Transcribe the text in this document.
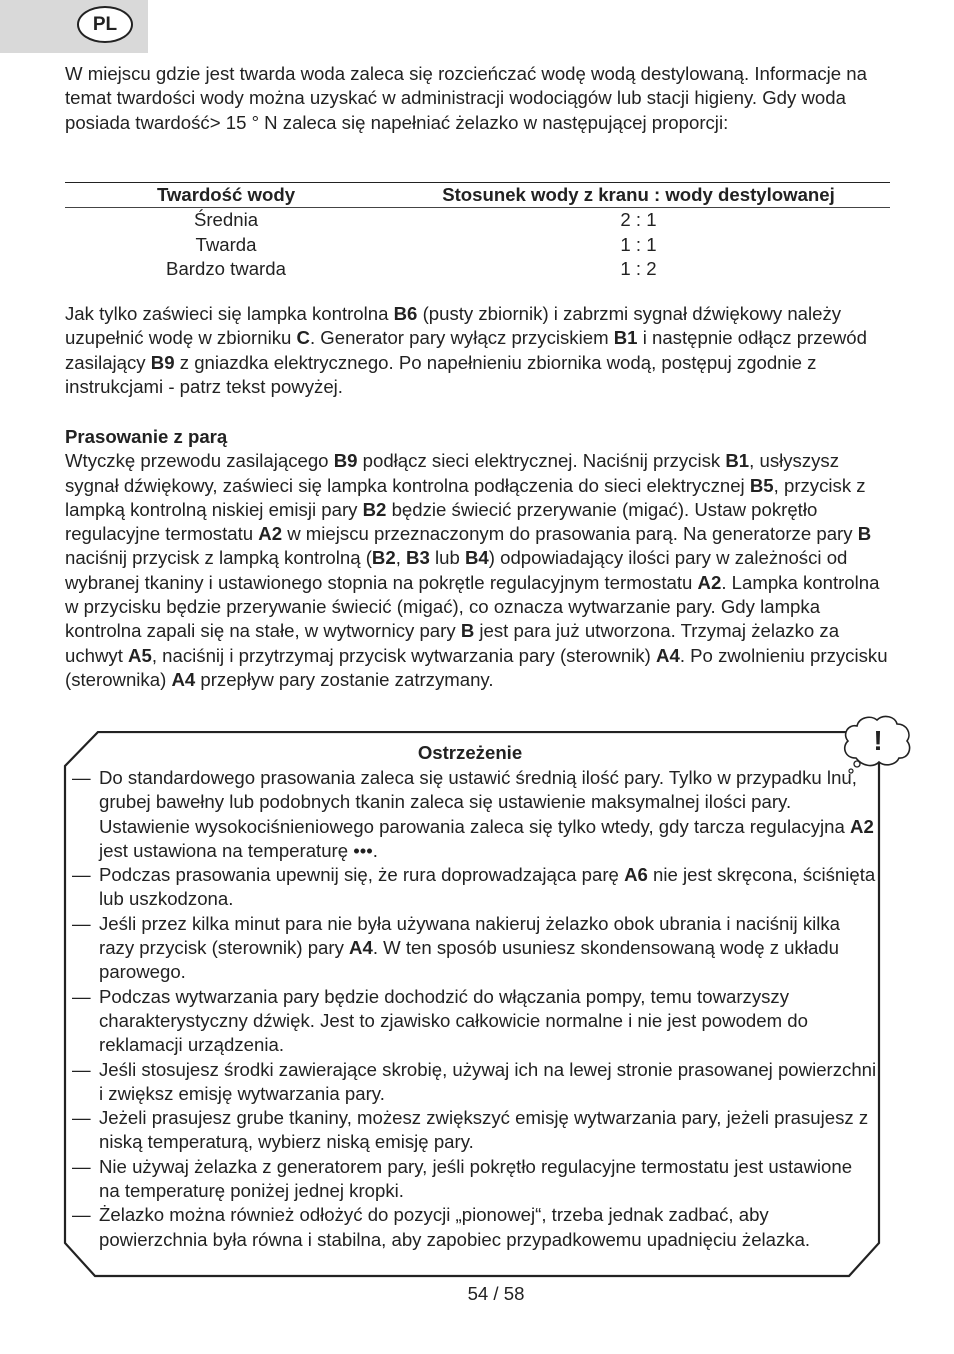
PL

W miejscu gdzie jest twarda woda zaleca się rozcieńczać wodę wodą destylowaną. Informacje na temat twardości wody można uzyskać w administracji wodociągów lub stacji higieny. Gdy woda posiada twardość> 15 ° N zaleca się napełniać żelazko w następującej proporcji:

Twardość wody	Stosunek wody z kranu : wody destylowanej
Średnia	2 : 1
Twarda	1 : 1
Bardzo twarda	1 : 2

Jak tylko zaświeci się lampka kontrolna B6 (pusty zbiornik) i zabrzmi sygnał dźwiękowy należy uzupełnić wodę w zbiorniku C. Generator pary wyłącz przyciskiem B1 i następnie odłącz przewód zasilający B9 z gniazdka elektrycznego. Po napełnieniu zbiornika wodą, postępuj zgodnie z instrukcjami - patrz tekst powyżej.

Prasowanie z parą
Wtyczkę przewodu zasilającego B9 podłącz sieci elektrycznej. Naciśnij przycisk B1, usłyszysz sygnał dźwiękowy, zaświeci się lampka kontrolna podłączenia do sieci elektrycznej B5, przycisk z lampką kontrolną niskiej emisji pary B2 będzie świecić przerywanie (migać). Ustaw pokrętło regulacyjne termostatu A2 w miejscu przeznaczonym do prasowania parą. Na generatorze pary B naciśnij przycisk z lampką kontrolną (B2, B3 lub B4) odpowiadający ilości pary w zależności od wybranej tkaniny i ustawionego stopnia na pokrętle regulacyjnym termostatu A2. Lampka kontrolna w przycisku będzie przerywanie świecić (migać), co oznacza wytwarzanie pary. Gdy lampka kontrolna zapali się na stałe, w wytwornicy pary B jest para już utworzona. Trzymaj żelazko za uchwyt A5, naciśnij i przytrzymaj przycisk wytwarzania pary (sterownik) A4. Po zwolnieniu przycisku (sterownika) A4 przepływ pary zostanie zatrzymany.
!
Ostrzeżenie
— Do standardowego prasowania zaleca się ustawić średnią ilość pary. Tylko w przypadku lnu, grubej bawełny lub podobnych tkanin zaleca się ustawienie maksymalnej ilości pary. Ustawienie wysokociśnieniowego parowania zaleca się tylko wtedy, gdy tarcza regulacyjna A2 jest ustawiona na temperaturę •••.
— Podczas prasowania upewnij się, że rura doprowadzająca parę A6 nie jest skręcona, ściśnięta lub uszkodzona.
— Jeśli przez kilka minut para nie była używana nakieruj żelazko obok ubrania i naciśnij kilka razy przycisk (sterownik) pary A4. W ten sposób usuniesz skondensowaną wodę z układu parowego.
— Podczas wytwarzania pary będzie dochodzić do włączania pompy, temu towarzyszy charakterystyczny dźwięk. Jest to zjawisko całkowicie normalne i nie jest powodem do reklamacji urządzenia.
— Jeśli stosujesz środki zawierające skrobię, używaj ich na lewej stronie prasowanej powierzchni i zwiększ emisję wytwarzania pary.
— Jeżeli prasujesz grube tkaniny, możesz zwiększyć emisję wytwarzania pary, jeżeli prasujesz z niską temperaturą, wybierz niską emisję pary.
— Nie używaj żelazka z generatorem pary, jeśli pokrętło regulacyjne termostatu jest ustawione na temperaturę poniżej jednej kropki.
— Żelazko można również odłożyć do pozycji „pionowej“, trzeba jednak zadbać, aby powierzchnia była równa i stabilna, aby zapobiec przypadkowemu upadnięciu żelazka.
54 / 58
